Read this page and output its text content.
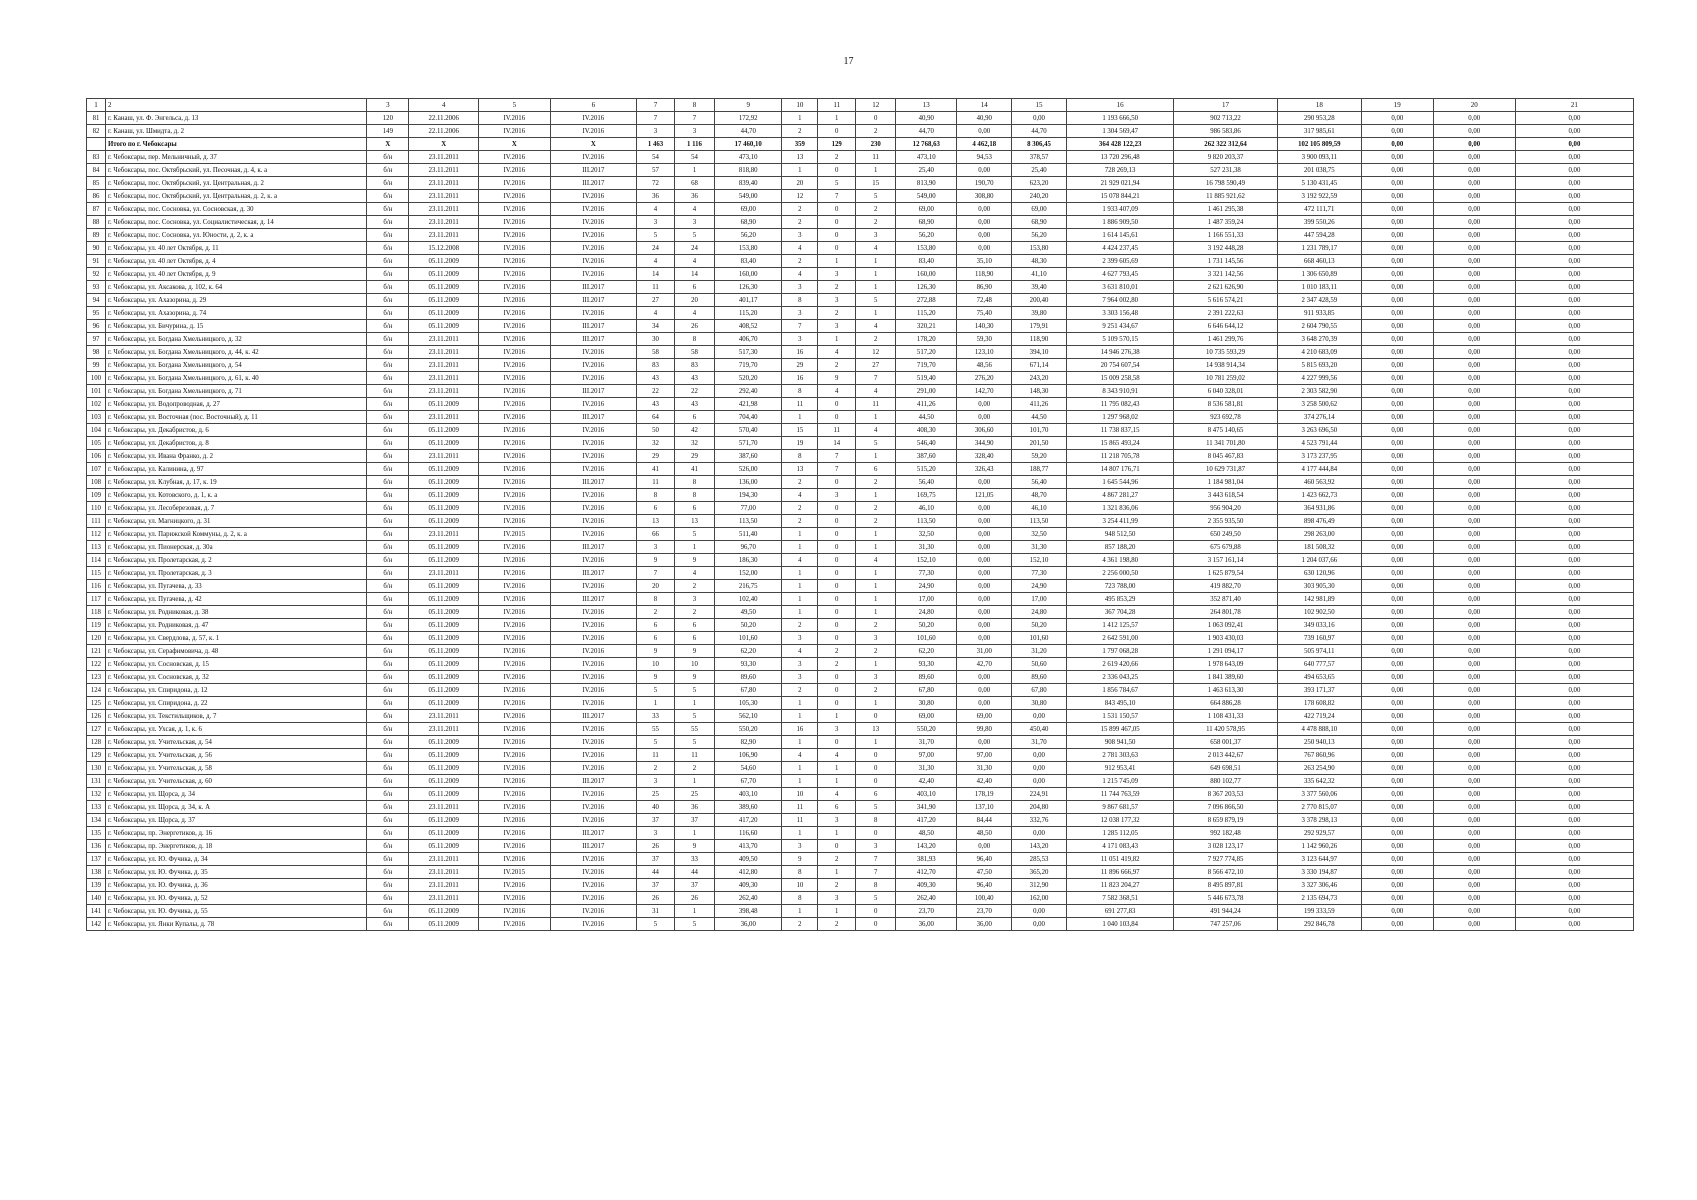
17
1	2	3	4	5	6	7	8	9	10	11	12	13	14	15	16	17	18	19	20	21
81	г. Канаш, ул. Ф. Энгельса, д. 13	120	22.11.2006	IV.2016	IV.2016	7	7	172,92	1	1	0	40,90	40,90	0,00	1 193 666,50	902 713,22	290 953,28	0,00	0,00	0,00
82	г. Канаш, ул. Шмидта, д. 2	149	22.11.2006	IV.2016	IV.2016	3	3	44,70	2	0	2	44,70	0,00	44,70	1 304 569,47	986 583,86	317 985,61	0,00	0,00	0,00
	Итого по г. Чебоксары	X	X	X	X	1 463	1 116	17 460,10	359	129	230	12 768,63	4 462,18	8 306,45	364 428 122,23	262 322 312,64	102 105 809,59	0,00	0,00	0,00
83	г. Чебоксары, пер. Мельничный, д. 37	б/н	23.11.2011	IV.2016	IV.2016	54	54	473,10	13	2	11	473,10	94,53	378,57	13 720 296,48	9 820 203,37	3 900 093,11	0,00	0,00	0,00
84	г. Чебоксары, пос. Октябрьский, ул. Песочная, д. 4, к. а	б/н	23.11.2011	IV.2016	III.2017	57	1	818,80	1	0	1	25,40	0,00	25,40	728 269,13	527 231,38	201 038,75	0,00	0,00	0,00
85	г. Чебоксары, пос. Октябрьский, ул. Центральная, д. 2	б/н	23.11.2011	IV.2016	III.2017	72	68	839,40	20	5	15	813,90	190,70	623,20	21 929 021,94	16 798 590,49	5 130 431,45	0,00	0,00	0,00
86	г. Чебоксары, пос. Октябрьский, ул. Центральная, д. 2, к. а	б/н	23.11.2011	IV.2016	IV.2016	36	36	549,00	12	7	5	549,00	308,80	240,20	15 078 844,21	11 885 921,62	3 192 922,59	0,00	0,00	0,00
87	г. Чебоксары, пос. Сосновка, ул. Сосновская, д. 30	б/н	23.11.2011	IV.2016	IV.2016	4	4	69,00	2	0	2	69,00	0,00	69,00	1 933 407,09	1 461 295,38	472 111,71	0,00	0,00	0,00
88	г. Чебоксары, пос. Сосновка, ул. Социалистическая, д. 14	б/н	23.11.2011	IV.2016	IV.2016	3	3	68,90	2	0	2	68,90	0,00	68,90	1 886 909,50	1 487 359,24	399 550,26	0,00	0,00	0,00
89	г. Чебоксары, пос. Сосновка, ул. Юности, д. 2, к. а	б/н	23.11.2011	IV.2016	IV.2016	5	5	56,20	3	0	3	56,20	0,00	56,20	1 614 145,61	1 166 551,33	447 594,28	0,00	0,00	0,00
90	г. Чебоксары, ул. 40 лет Октября, д. 11	б/н	15.12.2008	IV.2016	IV.2016	24	24	153,80	4	0	4	153,80	0,00	153,80	4 424 237,45	3 192 448,28	1 231 789,17	0,00	0,00	0,00
91	г. Чебоксары, ул. 40 лет Октября, д. 4	б/н	05.11.2009	IV.2016	IV.2016	4	4	83,40	2	1	1	83,40	35,10	48,30	2 399 605,69	1 731 145,56	668 460,13	0,00	0,00	0,00
92	г. Чебоксары, ул. 40 лет Октября, д. 9	б/н	05.11.2009	IV.2016	IV.2016	14	14	160,00	4	3	1	160,00	118,90	41,10	4 627 793,45	3 321 142,56	1 306 650,89	0,00	0,00	0,00
93	г. Чебоксары, ул. Аксакова, д. 102, к. 64	б/н	05.11.2009	IV.2016	III.2017	11	6	126,30	3	2	1	126,30	86,90	39,40	3 631 810,01	2 621 626,90	1 010 183,11	0,00	0,00	0,00
94	г. Чебоксары, ул. Ахазорина, д. 29	б/н	05.11.2009	IV.2016	III.2017	27	20	401,17	8	3	5	272,88	72,48	200,40	7 964 002,80	5 616 574,21	2 347 428,59	0,00	0,00	0,00
95	г. Чебоксары, ул. Ахазорина, д. 74	б/н	05.11.2009	IV.2016	IV.2016	4	4	115,20	3	2	1	115,20	75,40	39,80	3 303 156,48	2 391 222,63	911 933,85	0,00	0,00	0,00
96	г. Чебоксары, ул. Бичурина, д. 15	б/н	05.11.2009	IV.2016	III.2017	34	26	408,52	7	3	4	320,21	140,30	179,91	9 251 434,67	6 646 644,12	2 604 790,55	0,00	0,00	0,00
97	г. Чебоксары, ул. Богдана Хмельницкого, д. 32	б/н	23.11.2011	IV.2016	III.2017	30	8	406,70	3	1	2	178,20	59,30	118,90	5 109 570,15	1 461 299,76	3 648 270,39	0,00	0,00	0,00
98	г. Чебоксары, ул. Богдана Хмельницкого, д. 44, к. 42	б/н	23.11.2011	IV.2016	IV.2016	58	58	517,30	16	4	12	517,20	123,10	394,10	14 946 276,38	10 735 593,29	4 210 683,09	0,00	0,00	0,00
99	г. Чебоксары, ул. Богдана Хмельницкого, д. 54	б/н	23.11.2011	IV.2016	IV.2016	83	83	719,70	29	2	27	719,70	48,56	671,14	20 754 607,54	14 938 914,34	5 815 693,20	0,00	0,00	0,00
100	г. Чебоксары, ул. Богдана Хмельницкого, д. 61, к. 40	б/н	23.11.2011	IV.2016	IV.2016	43	43	520,20	16	9	7	519,40	276,20	243,20	15 009 258,58	10 781 259,02	4 227 999,56	0,00	0,00	0,00
101	г. Чебоксары, ул. Богдана Хмельницкого, д. 71	б/н	23.11.2011	IV.2016	III.2017	22	22	292,40	8	4	4	291,00	142,70	148,30	8 343 910,91	6 040 328,01	2 303 582,90	0,00	0,00	0,00
102	г. Чебоксары, ул. Водопроводная, д. 27	б/н	05.11.2009	IV.2016	IV.2016	43	43	421,98	11	0	11	411,26	0,00	411,26	11 795 082,43	8 536 581,81	3 258 500,62	0,00	0,00	0,00
103	г. Чебоксары, ул. Восточная (пос. Восточный), д. 11	б/н	23.11.2011	IV.2016	III.2017	64	6	704,40	1	0	1	44,50	0,00	44,50	1 297 968,02	923 692,78	374 276,14	0,00	0,00	0,00
104	г. Чебоксары, ул. Декабристов, д. 6	б/н	05.11.2009	IV.2016	IV.2016	50	42	570,40	15	11	4	408,30	306,60	101,70	11 738 837,15	8 475 140,65	3 263 696,50	0,00	0,00	0,00
105	г. Чебоксары, ул. Декабристов, д. 8	б/н	05.11.2009	IV.2016	IV.2016	32	32	571,70	19	14	5	546,40	344,90	201,50	15 865 493,24	11 341 701,80	4 523 791,44	0,00	0,00	0,00
106	г. Чебоксары, ул. Ивана Франко, д. 2	б/н	23.11.2011	IV.2016	IV.2016	29	29	387,60	8	7	1	387,60	328,40	59,20	11 218 705,78	8 045 467,83	3 173 237,95	0,00	0,00	0,00
107	г. Чебоксары, ул. Калинина, д. 97	б/н	05.11.2009	IV.2016	IV.2016	41	41	526,00	13	7	6	515,20	326,43	188,77	14 807 176,71	10 629 731,87	4 177 444,84	0,00	0,00	0,00
108	г. Чебоксары, ул. Клубная, д. 17, к. 19	б/н	05.11.2009	IV.2016	III.2017	11	8	136,00	2	0	2	56,40	0,00	56,40	1 645 544,96	1 184 981,04	460 563,92	0,00	0,00	0,00
109	г. Чебоксары, ул. Котовского, д. 1, к. а	б/н	05.11.2009	IV.2016	IV.2016	8	8	194,30	4	3	1	169,75	121,05	48,70	4 867 281,27	3 443 618,54	1 423 662,73	0,00	0,00	0,00
110	г. Чебоксары, ул. Лесоберезовая, д. 7	б/н	05.11.2009	IV.2016	IV.2016	6	6	77,00	2	0	2	46,10	0,00	46,10	1 321 836,06	956 904,20	364 931,86	0,00	0,00	0,00
111	г. Чебоксары, ул. Магницкого, д. 31	б/н	05.11.2009	IV.2016	IV.2016	13	13	113,50	2	0	2	113,50	0,00	113,50	3 254 411,99	2 355 935,50	898 476,49	0,00	0,00	0,00
112	г. Чебоксары, ул. Парижской Коммуны, д. 2, к. а	б/н	23.11.2011	IV.2015	IV.2016	66	5	511,40	1	0	1	32,50	0,00	32,50	948 512,50	650 249,50	298 263,00	0,00	0,00	0,00
113	г. Чебоксары, ул. Пионерская, д. 30а	б/н	05.11.2009	IV.2016	III.2017	3	1	96,70	1	0	1	31,30	0,00	31,30	857 188,20	675 679,88	181 508,32	0,00	0,00	0,00
114	г. Чебоксары, ул. Пролетарская, д. 2	б/н	05.11.2009	IV.2016	IV.2016	9	9	186,30	4	0	4	152,10	0,00	152,10	4 361 198,80	3 157 161,14	1 204 037,66	0,00	0,00	0,00
115	г. Чебоксары, ул. Пролетарская, д. 3	б/н	23.11.2011	IV.2016	III.2017	7	4	152,00	1	0	1	77,30	0,00	77,30	2 256 000,50	1 625 879,54	630 120,96	0,00	0,00	0,00
116	г. Чебоксары, ул. Пугачева, д. 33	б/н	05.11.2009	IV.2016	IV.2016	20	2	216,75	1	0	1	24,90	0,00	24,90	723 788,00	419 882,70	303 905,30	0,00	0,00	0,00
117	г. Чебоксары, ул. Пугачева, д. 42	б/н	05.11.2009	IV.2016	III.2017	8	3	102,40	1	0	1	17,00	0,00	17,00	495 853,29	352 871,40	142 981,89	0,00	0,00	0,00
118	г. Чебоксары, ул. Родниковая, д. 38	б/н	05.11.2009	IV.2016	IV.2016	2	2	49,50	1	0	1	24,80	0,00	24,80	367 704,28	264 801,78	102 902,50	0,00	0,00	0,00
119	г. Чебоксары, ул. Родниковая, д. 47	б/н	05.11.2009	IV.2016	IV.2016	6	6	50,20	2	0	2	50,20	0,00	50,20	1 412 125,57	1 063 092,41	349 033,16	0,00	0,00	0,00
120	г. Чебоксары, ул. Свердлова, д. 57, к. 1	б/н	05.11.2009	IV.2016	IV.2016	6	6	101,60	3	0	3	101,60	0,00	101,60	2 642 591,00	1 903 430,03	739 160,97	0,00	0,00	0,00
121	г. Чебоксары, ул. Серафимовича, д. 48	б/н	05.11.2009	IV.2016	IV.2016	9	9	62,20	4	2	2	62,20	31,00	31,20	1 797 068,28	1 291 094,17	505 974,11	0,00	0,00	0,00
122	г. Чебоксары, ул. Сосновская, д. 15	б/н	05.11.2009	IV.2016	IV.2016	10	10	93,30	3	2	1	93,30	42,70	50,60	2 619 420,66	1 978 643,09	640 777,57	0,00	0,00	0,00
123	г. Чебоксары, ул. Сосновская, д. 32	б/н	05.11.2009	IV.2016	IV.2016	9	9	89,60	3	0	3	89,60	0,00	89,60	2 336 043,25	1 841 389,60	494 653,65	0,00	0,00	0,00
124	г. Чебоксары, ул. Спиридона, д. 12	б/н	05.11.2009	IV.2016	IV.2016	5	5	67,80	2	0	2	67,80	0,00	67,80	1 856 784,67	1 463 613,30	393 171,37	0,00	0,00	0,00
125	г. Чебоксары, ул. Спиридона, д. 22	б/н	05.11.2009	IV.2016	IV.2016	1	1	105,30	1	0	1	30,80	0,00	30,80	843 495,10	664 886,28	178 608,82	0,00	0,00	0,00
126	г. Чебоксары, ул. Текстильщиков, д. 7	б/н	23.11.2011	IV.2016	III.2017	33	5	562,10	1	1	0	69,00	69,00	0,00	1 531 150,57	1 108 431,33	422 719,24	0,00	0,00	0,00
127	г. Чебоксары, ул. Ухсая, д. 1, к. 6	б/н	23.11.2011	IV.2016	IV.2016	55	55	550,20	16	3	13	550,20	99,80	450,40	15 899 467,05	11 420 578,95	4 478 888,10	0,00	0,00	0,00
128	г. Чебоксары, ул. Учительская, д. 54	б/н	05.11.2009	IV.2016	IV.2016	5	5	82,90	1	0	1	31,70	0,00	31,70	908 941,50	658 001,37	250 940,13	0,00	0,00	0,00
129	г. Чебоксары, ул. Учительская, д. 56	б/н	05.11.2009	IV.2016	IV.2016	11	11	106,90	4	4	0	97,00	97,00	0,00	2 781 303,63	2 013 442,67	767 860,96	0,00	0,00	0,00
130	г. Чебоксары, ул. Учительская, д. 58	б/н	05.11.2009	IV.2016	IV.2016	2	2	54,60	1	1	0	31,30	31,30	0,00	912 953,41	649 698,51	263 254,90	0,00	0,00	0,00
131	г. Чебоксары, ул. Учительская, д. 60	б/н	05.11.2009	IV.2016	III.2017	3	1	67,70	1	1	0	42,40	42,40	0,00	1 215 745,09	880 102,77	335 642,32	0,00	0,00	0,00
132	г. Чебоксары, ул. Щорса, д. 34	б/н	05.11.2009	IV.2016	IV.2016	25	25	403,10	10	4	6	403,10	178,19	224,91	11 744 763,59	8 367 203,53	3 377 560,06	0,00	0,00	0,00
133	г. Чебоксары, ул. Щорса, д. 34, к. А	б/н	23.11.2011	IV.2016	IV.2016	40	36	389,60	11	6	5	341,90	137,10	204,80	9 867 681,57	7 096 866,50	2 770 815,07	0,00	0,00	0,00
134	г. Чебоксары, ул. Щорса, д. 37	б/н	05.11.2009	IV.2016	IV.2016	37	37	417,20	11	3	8	417,20	84,44	332,76	12 038 177,32	8 659 879,19	3 378 298,13	0,00	0,00	0,00
135	г. Чебоксары, пр. Энергетиков, д. 16	б/н	05.11.2009	IV.2016	III.2017	3	1	116,60	1	1	0	48,50	48,50	0,00	1 285 112,05	992 182,48	292 929,57	0,00	0,00	0,00
136	г. Чебоксары, пр. Энергетиков, д. 18	б/н	05.11.2009	IV.2016	III.2017	26	9	413,70	3	0	3	143,20	0,00	143,20	4 171 083,43	3 028 123,17	1 142 960,26	0,00	0,00	0,00
137	г. Чебоксары, ул. Ю. Фучика, д. 34	б/н	23.11.2011	IV.2016	IV.2016	37	33	409,50	9	2	7	381,93	96,40	285,53	11 051 419,82	7 927 774,85	3 123 644,97	0,00	0,00	0,00
138	г. Чебоксары, ул. Ю. Фучика, д. 35	б/н	23.11.2011	IV.2015	IV.2016	44	44	412,80	8	1	7	412,70	47,50	365,20	11 896 666,97	8 566 472,10	3 330 194,87	0,00	0,00	0,00
139	г. Чебоксары, ул. Ю. Фучика, д. 36	б/н	23.11.2011	IV.2016	IV.2016	37	37	409,30	10	2	8	409,30	96,40	312,90	11 823 204,27	8 495 897,81	3 327 306,46	0,00	0,00	0,00
140	г. Чебоксары, ул. Ю. Фучика, д. 52	б/н	23.11.2011	IV.2016	IV.2016	26	26	262,40	8	3	5	262,40	100,40	162,00	7 582 368,51	5 446 673,78	2 135 694,73	0,00	0,00	0,00
141	г. Чебоксары, ул. Ю. Фучика, д. 55	б/н	05.11.2009	IV.2016	IV.2016	31	1	398,48	1	1	0	23,70	23,70	0,00	691 277,83	491 944,24	199 333,59	0,00	0,00	0,00
142	г. Чебоксары, ул. Янки Купалы, д. 78	б/н	05.11.2009	IV.2016	IV.2016	5	5	36,00	2	2	0	36,00	36,00	0,00	1 040 103,84	747 257,06	292 846,78	0,00	0,00	0,00
